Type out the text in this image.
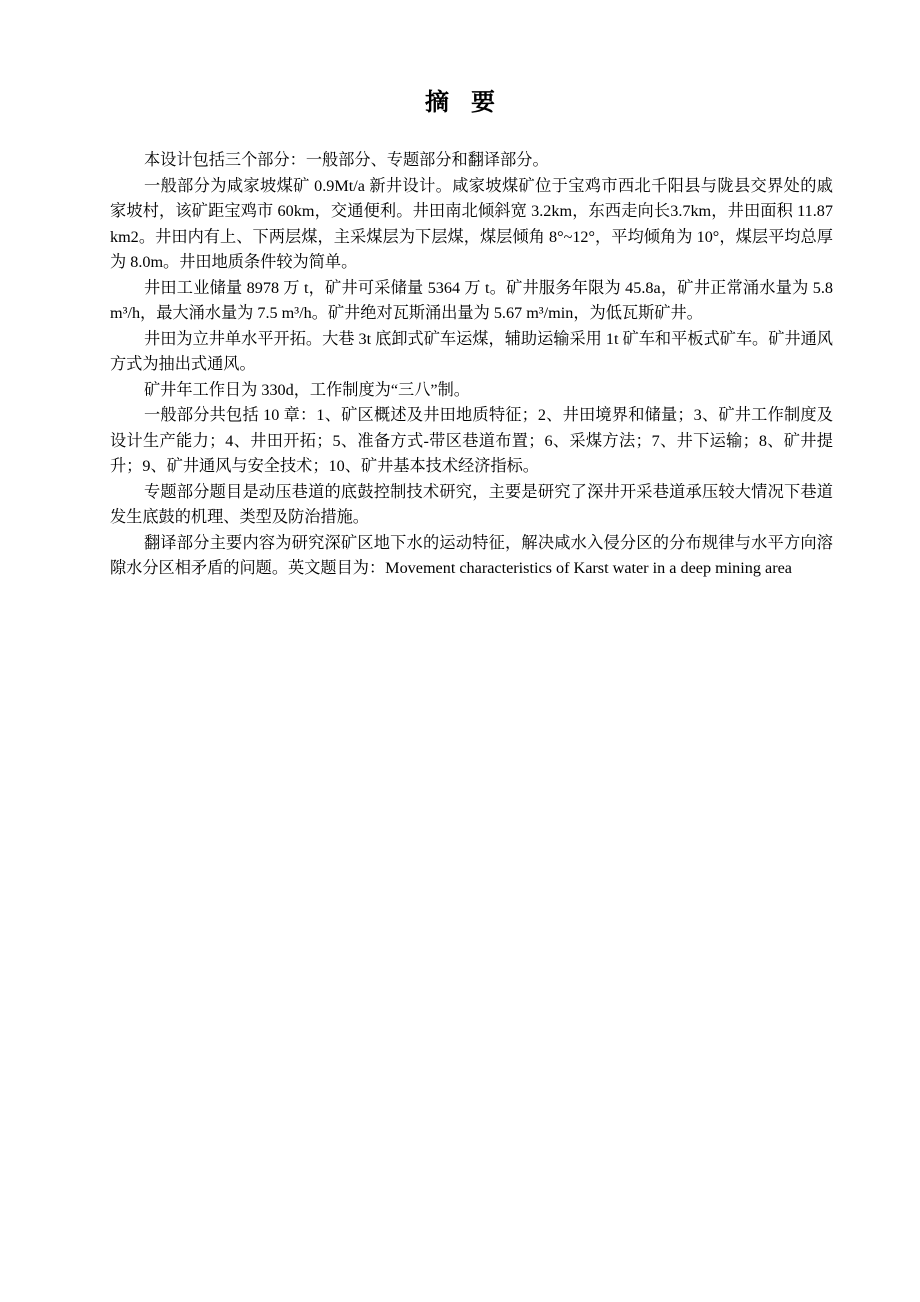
摘 要

本设计包括三个部分：一般部分、专题部分和翻译部分。

一般部分为咸家坡煤矿 0.9Mt/a 新井设计。咸家坡煤矿位于宝鸡市西北千阳县与陇县交界处的戚家坡村，该矿距宝鸡市 60km，交通便利。井田南北倾斜宽 3.2km，东西走向长3.7km，井田面积 11.87km2。井田内有上、下两层煤，主采煤层为下层煤，煤层倾角 8°~12°，平均倾角为 10°，煤层平均总厚为 8.0m。井田地质条件较为简单。

井田工业储量 8978 万 t，矿井可采储量 5364 万 t。矿井服务年限为 45.8a，矿井正常涌水量为 5.8m³/h，最大涌水量为 7.5 m³/h。矿井绝对瓦斯涌出量为 5.67 m³/min，为低瓦斯矿井。

井田为立井单水平开拓。大巷 3t 底卸式矿车运煤，辅助运输采用 1t 矿车和平板式矿车。矿井通风方式为抽出式通风。

矿井年工作日为 330d，工作制度为“三八”制。

一般部分共包括 10 章：1、矿区概述及井田地质特征；2、井田境界和储量；3、矿井工作制度及设计生产能力；4、井田开拓；5、准备方式-带区巷道布置；6、采煤方法；7、井下运输；8、矿井提升；9、矿井通风与安全技术；10、矿井基本技术经济指标。

专题部分题目是动压巷道的底鼓控制技术研究，主要是研究了深井开采巷道承压较大情况下巷道发生底鼓的机理、类型及防治措施。

翻译部分主要内容为研究深矿区地下水的运动特征，解决咸水入侵分区的分布规律与水平方向溶隙水分区相矛盾的问题。英文题目为：Movement characteristics of Karst water in a deep mining area
